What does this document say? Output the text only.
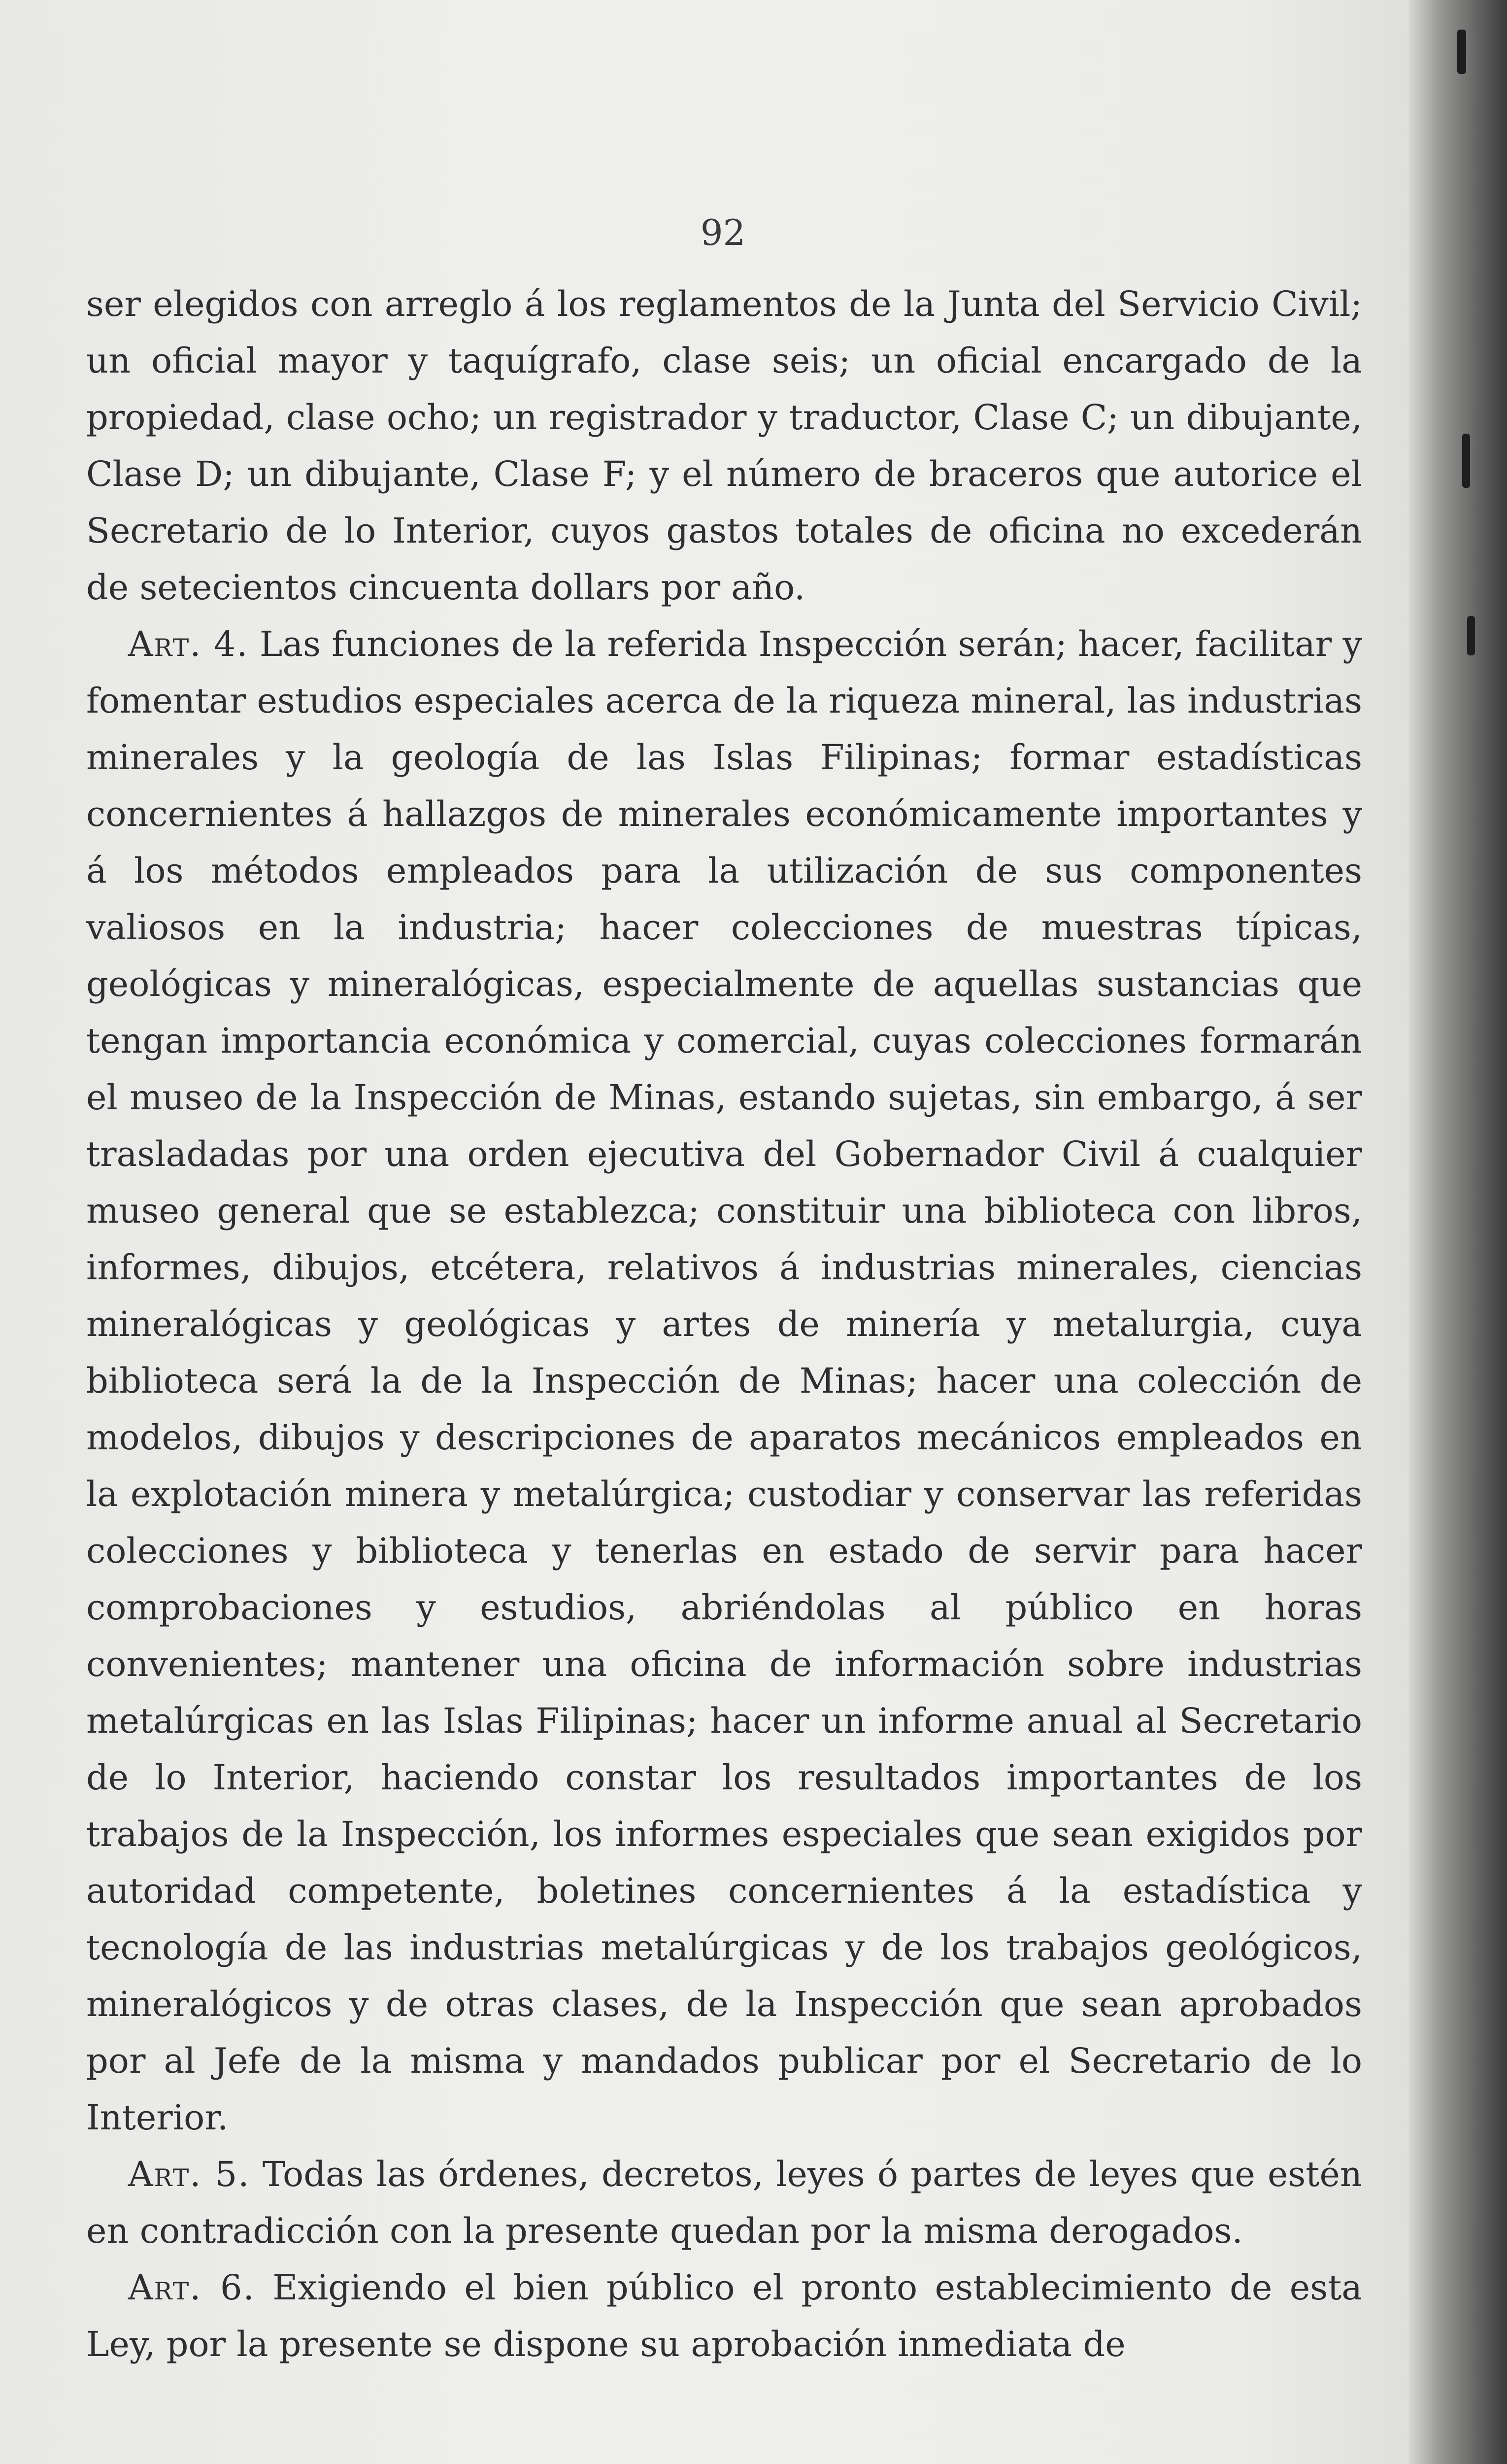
92

ser elegidos con arreglo á los reglamentos de la Junta del Servicio Civil; un oficial mayor y taquígrafo, clase seis; un oficial encargado de la propiedad, clase ocho; un registrador y traductor, Clase C; un dibujante, Clase D; un dibujante, Clase F; y el número de braceros que autorice el Secretario de lo Interior, cuyos gastos totales de oficina no excederán de setecientos cincuenta dollars por año.

Art. 4. Las funciones de la referida Inspección serán; hacer, facilitar y fomentar estudios especiales acerca de la riqueza mineral, las industrias minerales y la geología de las Islas Filipinas; formar estadísticas concernientes á hallazgos de minerales económicamente importantes y á los métodos empleados para la utilización de sus componentes valiosos en la industria; hacer colecciones de muestras típicas, geológicas y mineralógicas, especialmente de aquellas sustancias que tengan importancia económica y comercial, cuyas colecciones formarán el museo de la Inspección de Minas, estando sujetas, sin embargo, á ser trasladadas por una orden ejecutiva del Gobernador Civil á cualquier museo general que se establezca; constituir una biblioteca con libros, informes, dibujos, etcétera, relativos á industrias minerales, ciencias mineralógicas y geológicas y artes de minería y metalurgia, cuya biblioteca será la de la Inspección de Minas; hacer una colección de modelos, dibujos y descripciones de aparatos mecánicos empleados en la explotación minera y metalúrgica; custodiar y conservar las referidas colecciones y biblioteca y tenerlas en estado de servir para hacer comprobaciones y estudios, abriéndolas al público en horas convenientes; mantener una oficina de información sobre industrias metalúrgicas en las Islas Filipinas; hacer un informe anual al Secretario de lo Interior, haciendo constar los resultados importantes de los trabajos de la Inspección, los informes especiales que sean exigidos por autoridad competente, boletines concernientes á la estadística y tecnología de las industrias metalúrgicas y de los trabajos geológicos, mineralógicos y de otras clases, de la Inspección que sean aprobados por al Jefe de la misma y mandados publicar por el Secretario de lo Interior.

Art. 5. Todas las órdenes, decretos, leyes ó partes de leyes que estén en contradicción con la presente quedan por la misma derogados.

Art. 6. Exigiendo el bien público el pronto establecimiento de esta Ley, por la presente se dispone su aprobación inmediata de
